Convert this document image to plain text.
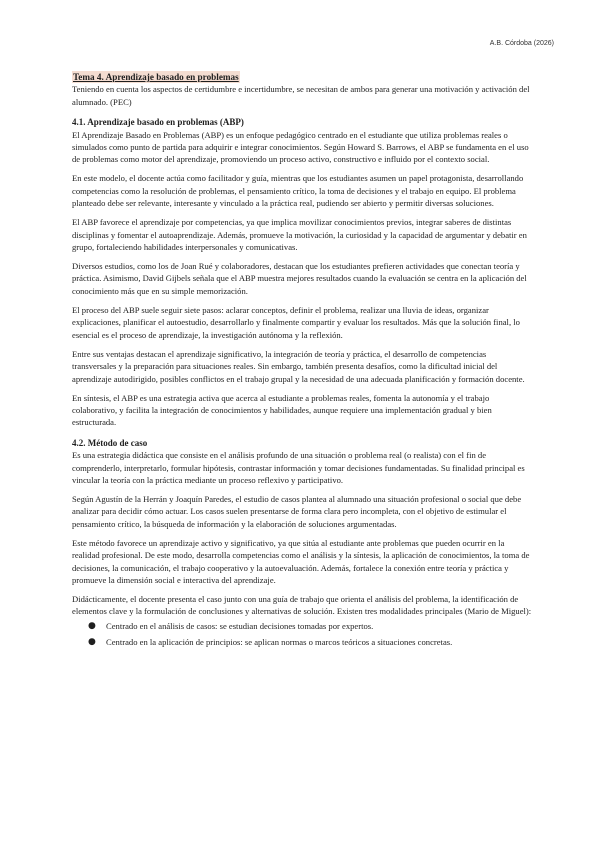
A.B. Córdoba (2026)
Tema 4. Aprendizaje basado en problemas

Teniendo en cuenta los aspectos de certidumbre e incertidumbre, se necesitan de ambos para generar una motivación y activación del alumnado. (PEC)

4.1. Aprendizaje basado en problemas (ABP)

El Aprendizaje Basado en Problemas (ABP) es un enfoque pedagógico centrado en el estudiante que utiliza problemas reales o simulados como punto de partida para adquirir e integrar conocimientos. Según Howard S. Barrows, el ABP se fundamenta en el uso de problemas como motor del aprendizaje, promoviendo un proceso activo, constructivo e influido por el contexto social.

En este modelo, el docente actúa como facilitador y guía, mientras que los estudiantes asumen un papel protagonista, desarrollando competencias como la resolución de problemas, el pensamiento crítico, la toma de decisiones y el trabajo en equipo. El problema planteado debe ser relevante, interesante y vinculado a la práctica real, pudiendo ser abierto y permitir diversas soluciones.

El ABP favorece el aprendizaje por competencias, ya que implica movilizar conocimientos previos, integrar saberes de distintas disciplinas y fomentar el autoaprendizaje. Además, promueve la motivación, la curiosidad y la capacidad de argumentar y debatir en grupo, fortaleciendo habilidades interpersonales y comunicativas.

Diversos estudios, como los de Joan Rué y colaboradores, destacan que los estudiantes prefieren actividades que conectan teoría y práctica. Asimismo, David Gijbels señala que el ABP muestra mejores resultados cuando la evaluación se centra en la aplicación del conocimiento más que en su simple memorización.

El proceso del ABP suele seguir siete pasos: aclarar conceptos, definir el problema, realizar una lluvia de ideas, organizar explicaciones, planificar el autoestudio, desarrollarlo y finalmente compartir y evaluar los resultados. Más que la solución final, lo esencial es el proceso de aprendizaje, la investigación autónoma y la reflexión.

Entre sus ventajas destacan el aprendizaje significativo, la integración de teoría y práctica, el desarrollo de competencias transversales y la preparación para situaciones reales. Sin embargo, también presenta desafíos, como la dificultad inicial del aprendizaje autodirigido, posibles conflictos en el trabajo grupal y la necesidad de una adecuada planificación y formación docente.

En síntesis, el ABP es una estrategia activa que acerca al estudiante a problemas reales, fomenta la autonomía y el trabajo colaborativo, y facilita la integración de conocimientos y habilidades, aunque requiere una implementación gradual y bien estructurada.

4.2. Método de caso

Es una estrategia didáctica que consiste en el análisis profundo de una situación o problema real (o realista) con el fin de comprenderlo, interpretarlo, formular hipótesis, contrastar información y tomar decisiones fundamentadas. Su finalidad principal es vincular la teoría con la práctica mediante un proceso reflexivo y participativo.

Según Agustín de la Herrán y Joaquín Paredes, el estudio de casos plantea al alumnado una situación profesional o social que debe analizar para decidir cómo actuar. Los casos suelen presentarse de forma clara pero incompleta, con el objetivo de estimular el pensamiento crítico, la búsqueda de información y la elaboración de soluciones argumentadas.

Este método favorece un aprendizaje activo y significativo, ya que sitúa al estudiante ante problemas que pueden ocurrir en la realidad profesional. De este modo, desarrolla competencias como el análisis y la síntesis, la aplicación de conocimientos, la toma de decisiones, la comunicación, el trabajo cooperativo y la autoevaluación. Además, fortalece la conexión entre teoría y práctica y promueve la dimensión social e interactiva del aprendizaje.

Didácticamente, el docente presenta el caso junto con una guía de trabajo que orienta el análisis del problema, la identificación de elementos clave y la formulación de conclusiones y alternativas de solución. Existen tres modalidades principales (Mario de Miguel):

● Centrado en el análisis de casos: se estudian decisiones tomadas por expertos.
● Centrado en la aplicación de principios: se aplican normas o marcos teóricos a situaciones concretas.
